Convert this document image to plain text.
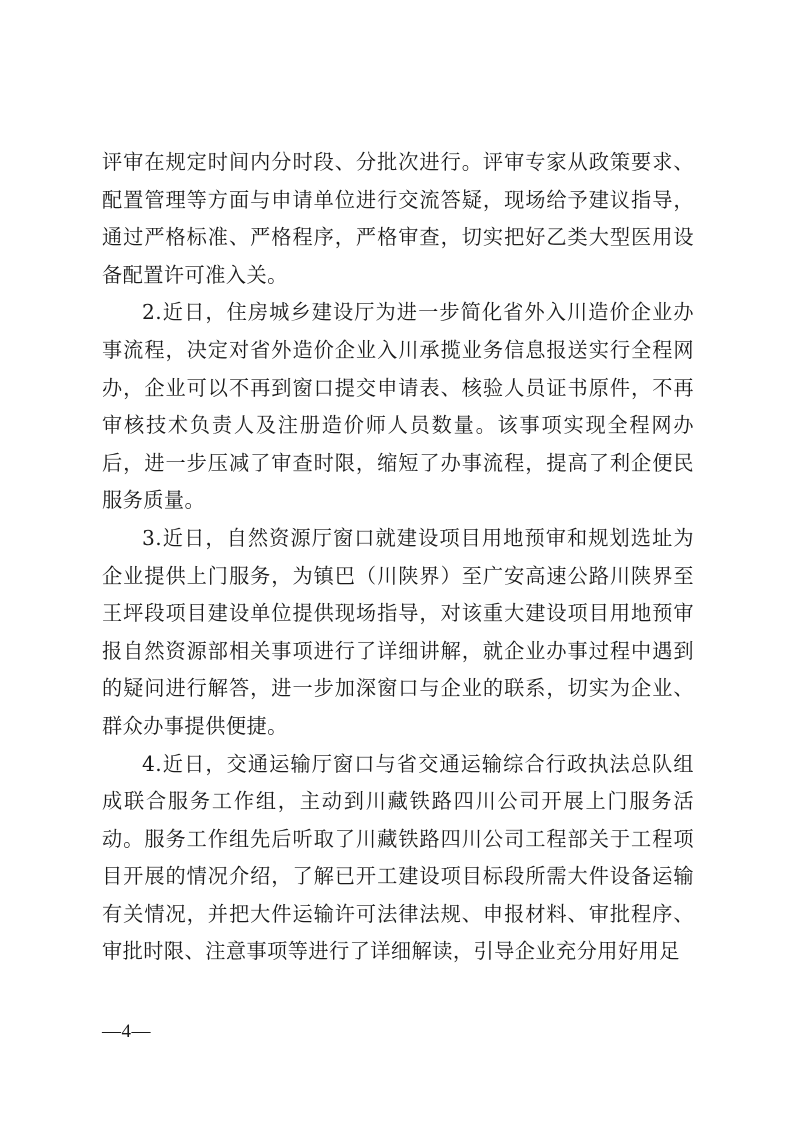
评审在规定时间内分时段、分批次进行。评审专家从政策要求、配置管理等方面与申请单位进行交流答疑，现场给予建议指导，通过严格标准、严格程序，严格审查，切实把好乙类大型医用设备配置许可准入关。

2.近日，住房城乡建设厅为进一步简化省外入川造价企业办事流程，决定对省外造价企业入川承揽业务信息报送实行全程网办，企业可以不再到窗口提交申请表、核验人员证书原件，不再审核技术负责人及注册造价师人员数量。该事项实现全程网办后，进一步压减了审查时限，缩短了办事流程，提高了利企便民服务质量。

3.近日，自然资源厅窗口就建设项目用地预审和规划选址为企业提供上门服务，为镇巴（川陕界）至广安高速公路川陕界至王坪段项目建设单位提供现场指导，对该重大建设项目用地预审报自然资源部相关事项进行了详细讲解，就企业办事过程中遇到的疑问进行解答，进一步加深窗口与企业的联系，切实为企业、群众办事提供便捷。

4.近日，交通运输厅窗口与省交通运输综合行政执法总队组成联合服务工作组，主动到川藏铁路四川公司开展上门服务活动。服务工作组先后听取了川藏铁路四川公司工程部关于工程项目开展的情况介绍，了解已开工建设项目标段所需大件设备运输有关情况，并把大件运输许可法律法规、申报材料、审批程序、审批时限、注意事项等进行了详细解读，引导企业充分用好用足

—4—
